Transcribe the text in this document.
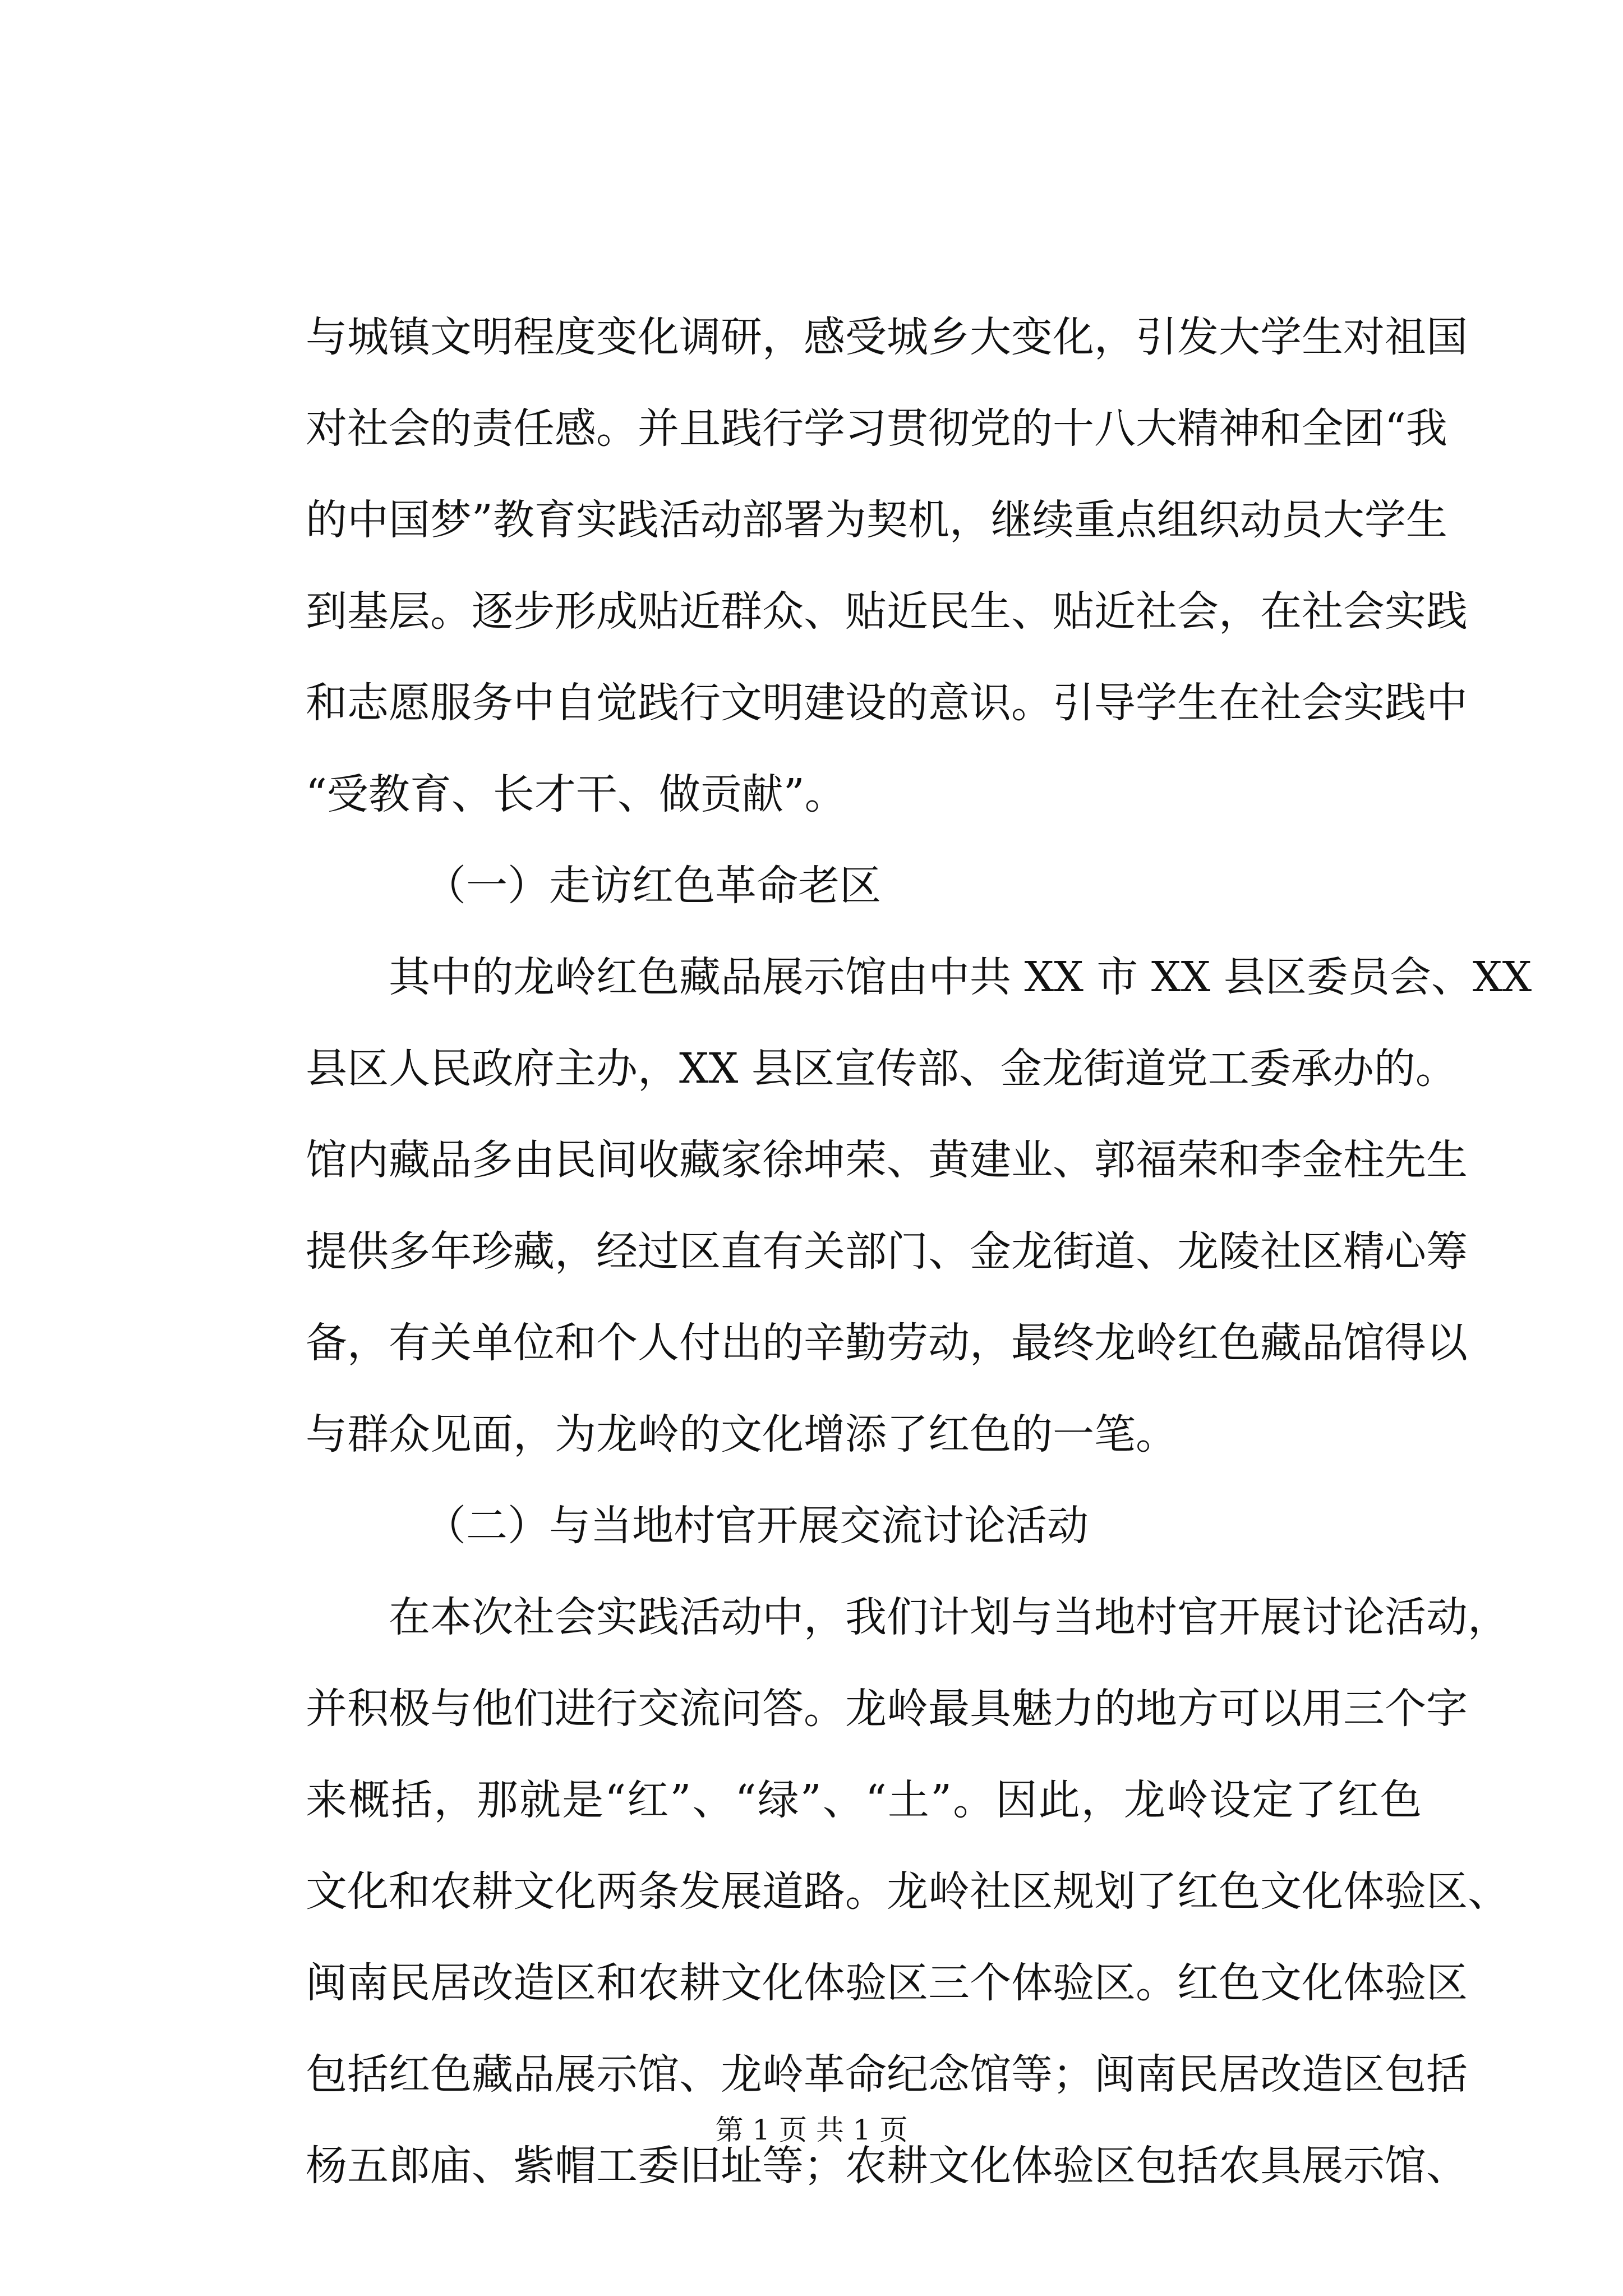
与城镇文明程度变化调研，感受城乡大变化，引发大学生对祖国
对社会的责任感。并且践行学习贯彻党的十八大精神和全团“我
的中国梦”教育实践活动部署为契机，继续重点组织动员大学生
到基层。逐步形成贴近群众、贴近民生、贴近社会，在社会实践
和志愿服务中自觉践行文明建设的意识。引导学生在社会实践中
“受教育、长才干、做贡献”。
（一）走访红色革命老区
其中的龙岭红色藏品展示馆由中共 XX 市 XX 县区委员会、XX
县区人民政府主办，XX 县区宣传部、金龙街道党工委承办的。
馆内藏品多由民间收藏家徐坤荣、黄建业、郭福荣和李金柱先生
提供多年珍藏，经过区直有关部门、金龙街道、龙陵社区精心筹
备，有关单位和个人付出的辛勤劳动，最终龙岭红色藏品馆得以
与群众见面，为龙岭的文化增添了红色的一笔。
（二）与当地村官开展交流讨论活动
在本次社会实践活动中，我们计划与当地村官开展讨论活动，
并积极与他们进行交流问答。龙岭最具魅力的地方可以用三个字
来概括，那就是“红”、“绿”、“土”。因此，龙岭设定了红色
文化和农耕文化两条发展道路。龙岭社区规划了红色文化体验区、
闽南民居改造区和农耕文化体验区三个体验区。红色文化体验区
包括红色藏品展示馆、龙岭革命纪念馆等；闽南民居改造区包括
杨五郎庙、紫帽工委旧址等；农耕文化体验区包括农具展示馆、
第 1 页 共 1 页
